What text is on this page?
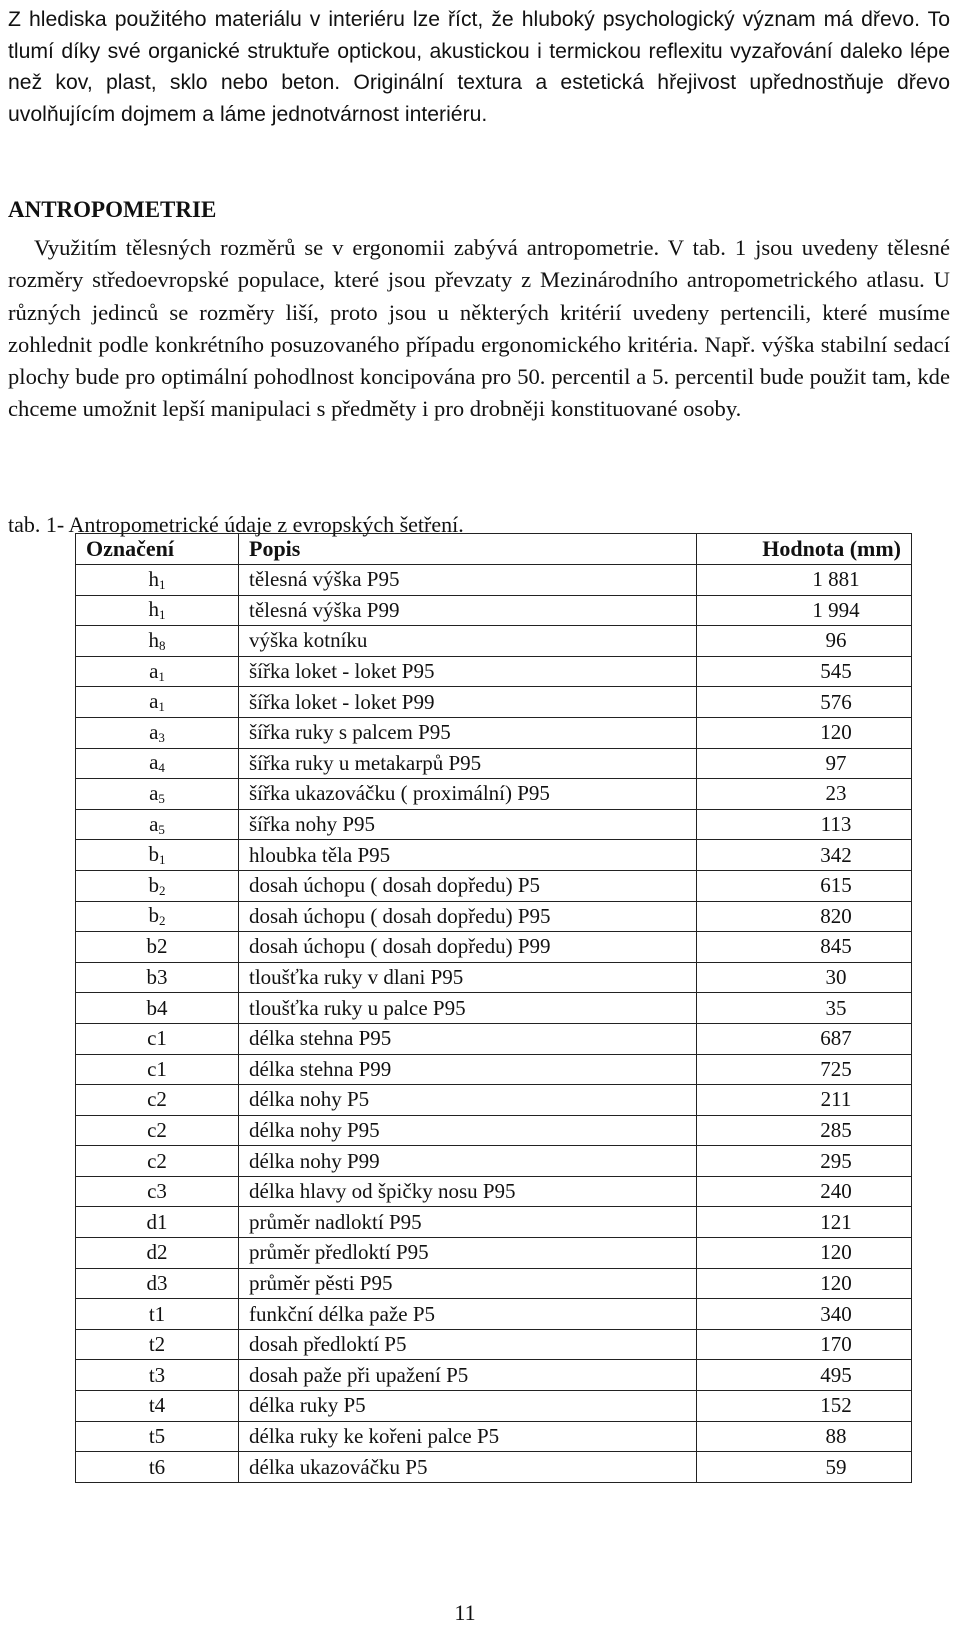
Z hlediska použitého materiálu v interiéru lze říct, že hluboký psychologický význam má dřevo. To tlumí díky své organické struktuře optickou, akustickou i termickou reflexitu vyzařování daleko lépe než kov, plast, sklo nebo beton. Originální textura a estetická hřejivost upřednostňuje dřevo uvolňujícím dojmem a láme jednotvárnost interiéru.

ANTROPOMETRIE

Využitím tělesných rozměrů se v ergonomii zabývá antropometrie. V tab. 1 jsou uvedeny tělesné rozměry středoevropské populace, které jsou převzaty z Mezinárodního antropometrického atlasu. U různých jedinců se rozměry liší, proto jsou u některých kritérií uvedeny pertencili, které musíme zohlednit podle konkrétního posuzovaného případu ergonomického kritéria. Např. výška stabilní sedací plochy bude pro optimální pohodlnost koncipována pro 50. percentil a 5. percentil bude použit tam, kde chceme umožnit lepší manipulaci s předměty i pro drobněji konstituované osoby.

tab. 1- Antropometrické údaje z evropských šetření.

Označení	Popis	Hodnota (mm)
$h_1$	tělesná výška P95	1 881
$h_1$	tělesná výška P99	1 994
$h_8$	výška kotníku	96
$a_1$	šířka loket - loket P95	545
$a_1$	šířka loket - loket P99	576
$a_3$	šířka ruky s palcem P95	120
$a_4$	šířka ruky u metakarpů P95	97
$a_5$	šířka ukazováčku ( proximální) P95	23
$a_5$	šířka nohy P95	113
$b_1$	hloubka těla P95	342
$b_2$	dosah úchopu ( dosah dopředu) P5	615
$b_2$	dosah úchopu ( dosah dopředu) P95	820
b2	dosah úchopu ( dosah dopředu) P99	845
b3	tloušťka ruky v dlani P95	30
b4	tloušťka ruky u palce P95	35
c1	délka stehna P95	687
c1	délka stehna P99	725
c2	délka nohy P5	211
c2	délka nohy P95	285
c2	délka nohy P99	295
c3	délka hlavy od špičky nosu P95	240
d1	průměr nadloktí P95	121
d2	průměr předloktí P95	120
d3	průměr pěsti P95	120
t1	funkční délka paže P5	340
t2	dosah předloktí P5	170
t3	dosah paže při upažení P5	495
t4	délka ruky P5	152
t5	délka ruky ke kořeni palce P5	88
t6	délka ukazováčku P5	59
11
